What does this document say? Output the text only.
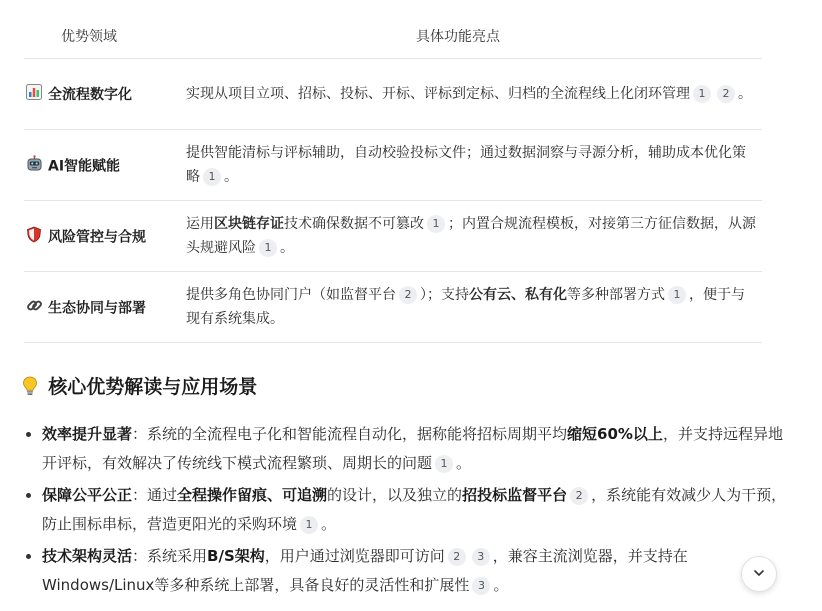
优势领域	具体功能亮点
全流程数字化	实现从项目立项、招标、投标、开标、评标到定标、归档的全流程线上化闭环管理 1 2 。
AI智能赋能	提供智能清标与评标辅助，自动校验投标文件；通过数据洞察与寻源分析，辅助成本优化策略 1 。
风险管控与合规	运用区块链存证技术确保数据不可篡改 1 ；内置合规流程模板，对接第三方征信数据，从源头规避风险 1 。
生态协同与部署	提供多角色协同门户（如监督平台 2 ）；支持公有云、私有化等多种部署方式 1 ，便于与现有系统集成。
核心优势解读与应用场景
效率提升显著：系统的全流程电子化和智能流程自动化，据称能将招标周期平均缩短60%以上，并支持远程异地开评标，有效解决了传统线下模式流程繁琐、周期长的问题 1 。
保障公平公正：通过全程操作留痕、可追溯的设计，以及独立的招投标监督平台 2 ，系统能有效减少人为干预，防止围标串标，营造更阳光的采购环境 1 。
技术架构灵活：系统采用B/S架构，用户通过浏览器即可访问 2 3 ，兼容主流浏览器，并支持在Windows/Linux等多种系统上部署，具备良好的灵活性和扩展性 3 。
